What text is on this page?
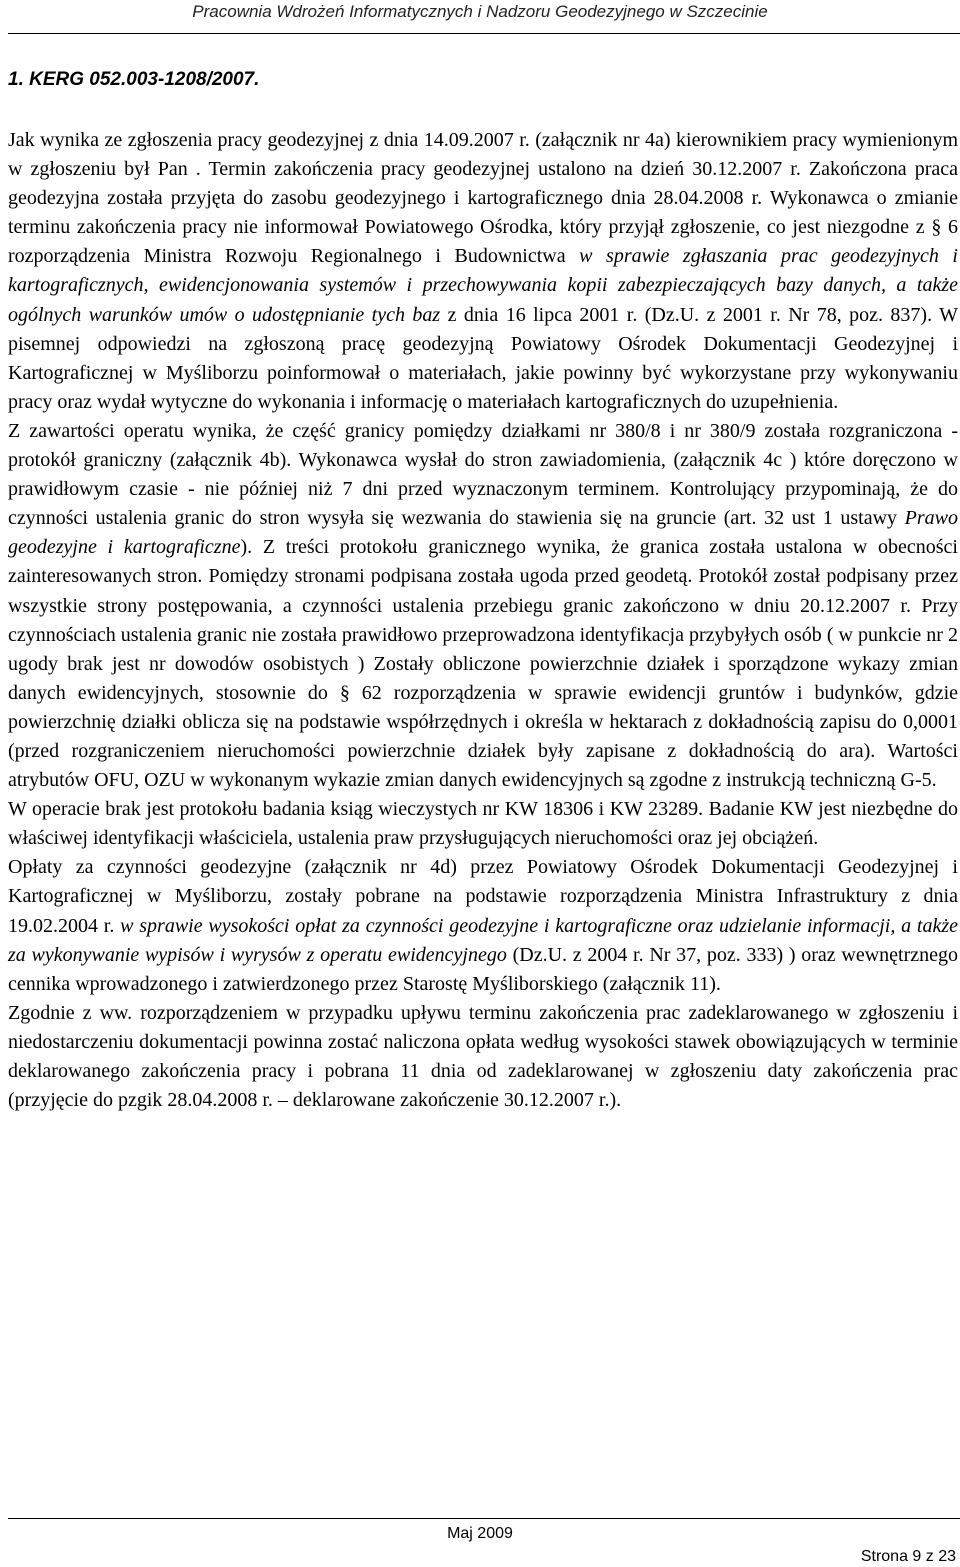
Pracownia Wdrożeń Informatycznych i Nadzoru Geodezyjnego w Szczecinie
1. KERG 052.003-1208/2007.

Jak wynika ze zgłoszenia pracy geodezyjnej z dnia 14.09.2007 r. (załącznik nr 4a) kierownikiem pracy wymienionym w zgłoszeniu był Pan . Termin zakończenia pracy geodezyjnej ustalono na dzień 30.12.2007 r. Zakończona praca geodezyjna została przyjęta do zasobu geodezyjnego i kartograficznego dnia 28.04.2008 r. Wykonawca o zmianie terminu zakończenia pracy nie informował Powiatowego Ośrodka, który przyjął zgłoszenie, co jest niezgodne z § 6 rozporządzenia Ministra Rozwoju Regionalnego i Budownictwa w sprawie zgłaszania prac geodezyjnych i kartograficznych, ewidencjonowania systemów i przechowywania kopii zabezpieczających bazy danych, a także ogólnych warunków umów o udostępnianie tych baz z dnia 16 lipca 2001 r. (Dz.U. z 2001 r. Nr 78, poz. 837). W pisemnej odpowiedzi na zgłoszoną pracę geodezyjną Powiatowy Ośrodek Dokumentacji Geodezyjnej i Kartograficznej w Myśliborzu poinformował o materiałach, jakie powinny być wykorzystane przy wykonywaniu pracy oraz wydał wytyczne do wykonania i informację o materiałach kartograficznych do uzupełnienia.

Z zawartości operatu wynika, że część granicy pomiędzy działkami nr 380/8 i nr 380/9 została rozgraniczona - protokół graniczny (załącznik 4b). Wykonawca wysłał do stron zawiadomienia, (załącznik 4c ) które doręczono w prawidłowym czasie - nie później niż 7 dni przed wyznaczonym terminem. Kontrolujący przypominają, że do czynności ustalenia granic do stron wysyła się wezwania do stawienia się na gruncie (art. 32 ust 1 ustawy Prawo geodezyjne i kartograficzne). Z treści protokołu granicznego wynika, że granica została ustalona w obecności zainteresowanych stron. Pomiędzy stronami podpisana została ugoda przed geodetą. Protokół został podpisany przez wszystkie strony postępowania, a czynności ustalenia przebiegu granic zakończono w dniu 20.12.2007 r. Przy czynnościach ustalenia granic nie została prawidłowo przeprowadzona identyfikacja przybyłych osób ( w punkcie nr 2 ugody brak jest nr dowodów osobistych ) Zostały obliczone powierzchnie działek i sporządzone wykazy zmian danych ewidencyjnych, stosownie do § 62 rozporządzenia w sprawie ewidencji gruntów i budynków, gdzie powierzchnię działki oblicza się na podstawie współrzędnych i określa w hektarach z dokładnością zapisu do 0,0001 (przed rozgraniczeniem nieruchomości powierzchnie działek były zapisane z dokładnością do ara). Wartości atrybutów OFU, OZU w wykonanym wykazie zmian danych ewidencyjnych są zgodne z instrukcją techniczną G-5.

W operacie brak jest protokołu badania ksiąg wieczystych nr KW 18306 i KW 23289. Badanie KW jest niezbędne do właściwej identyfikacji właściciela, ustalenia praw przysługujących nieruchomości oraz jej obciążeń.

Opłaty za czynności geodezyjne (załącznik nr 4d) przez Powiatowy Ośrodek Dokumentacji Geodezyjnej i Kartograficznej w Myśliborzu, zostały pobrane na podstawie rozporządzenia Ministra Infrastruktury z dnia 19.02.2004 r. w sprawie wysokości opłat za czynności geodezyjne i kartograficzne oraz udzielanie informacji, a także za wykonywanie wypisów i wyrysów z operatu ewidencyjnego (Dz.U. z 2004 r. Nr 37, poz. 333) ) oraz wewnętrznego cennika wprowadzonego i zatwierdzonego przez Starostę Myśliborskiego (załącznik 11).

Zgodnie z ww. rozporządzeniem w przypadku upływu terminu zakończenia prac zadeklarowanego w zgłoszeniu i niedostarczeniu dokumentacji powinna zostać naliczona opłata według wysokości stawek obowiązujących w terminie deklarowanego zakończenia pracy i pobrana 11 dnia od zadeklarowanej w zgłoszeniu daty zakończenia prac (przyjęcie do pzgik 28.04.2008 r. – deklarowane zakończenie 30.12.2007 r.).

Maj 2009
Strona 9 z 23
